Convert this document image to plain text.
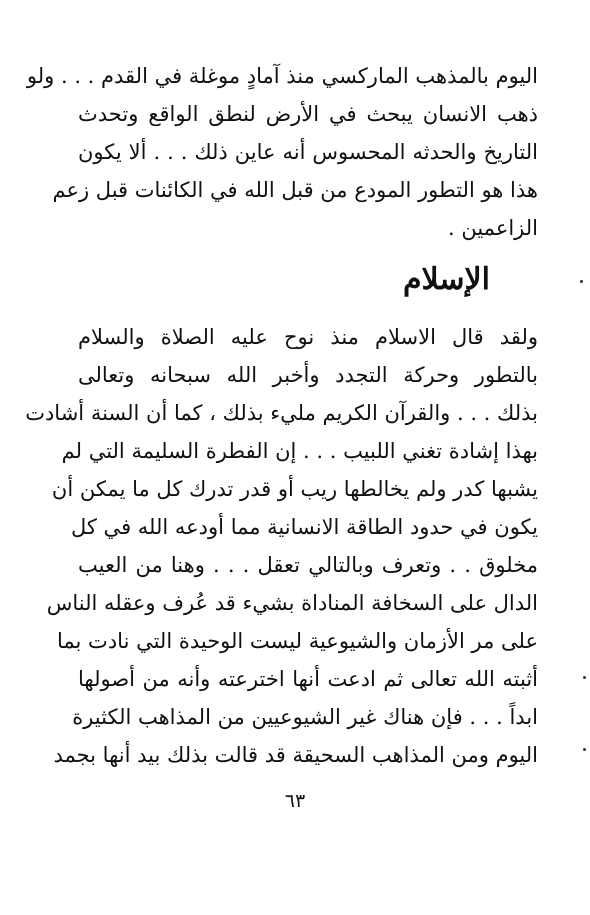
اليوم بالمذهب الماركسي منذ آمادٍ موغلة في القدم . . . ولو
ذهب الانسان يبحث في الأرض لنطق الواقع وتحدث
التاريخ والحدثه المحسوس أنه عاين ذلك . . . ألا يكون
هذا هو التطور المودع من قبل الله في الكائنات قبل زعم
الزاعمين .
الإسلام
ولقد قال الاسلام منذ نوح عليه الصلاة والسلام
بالتطور وحركة التجدد وأخبر الله سبحانه وتعالى
بذلك . . . والقرآن الكريم مليء بذلك ، كما أن السنة أشادت
بهذا إشادة تغني اللبيب . . . إن الفطرة السليمة التي لم
يشبها كدر ولم يخالطها ريب أو قدر تدرك كل ما يمكن أن
يكون في حدود الطاقة الانسانية مما أودعه الله في كل
مخلوق . . وتعرف وبالتالي تعقل . . . وهنا من العيب
الدال على السخافة المناداة بشيء قد عُرف وعقله الناس
على مر الأزمان والشيوعية ليست الوحيدة التي نادت بما
أثبته الله تعالى ثم ادعت أنها اخترعته وأنه من أصولها
ابداً . . . فإن هناك غير الشيوعيين من المذاهب الكثيرة
اليوم ومن المذاهب السحيقة قد قالت بذلك بيد أنها بجمد
٦٣
